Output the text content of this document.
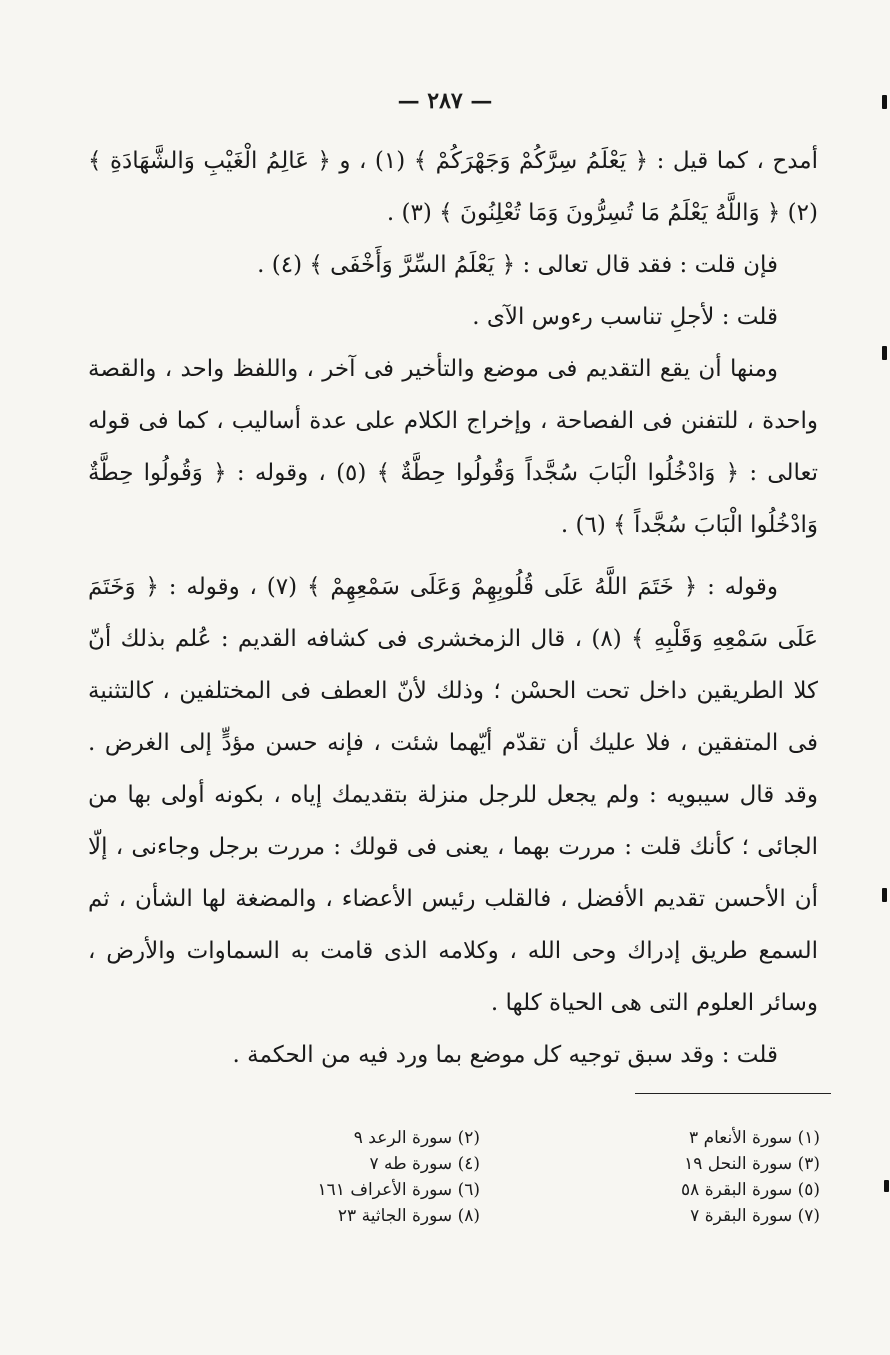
— ٢٨٧ —

أمدح ، كما قيل : ﴿ يَعْلَمُ سِرَّكُمْ وَجَهْرَكُمْ ﴾ (١) ، و ﴿ عَالِمُ الْغَيْبِ وَالشَّهَادَةِ ﴾ (٢) ﴿ وَاللَّهُ يَعْلَمُ مَا تُسِرُّونَ وَمَا تُعْلِنُونَ ﴾ (٣) .

فإن قلت : فقد قال تعالى : ﴿ يَعْلَمُ السِّرَّ وَأَخْفَى ﴾ (٤) .

قلت : لأجلِ تناسب رءوس الآى .

ومنها أن يقع التقديم فى موضع والتأخير فى آخر ، واللفظ واحد ، والقصة واحدة ، للتفنن فى الفصاحة ، وإخراج الكلام على عدة أساليب ، كما فى قوله تعالى : ﴿ وَادْخُلُوا الْبَابَ سُجَّداً وَقُولُوا حِطَّةٌ ﴾ (٥) ، وقوله : ﴿ وَقُولُوا حِطَّةٌ وَادْخُلُوا الْبَابَ سُجَّداً ﴾ (٦) .

وقوله : ﴿ خَتَمَ اللَّهُ عَلَى قُلُوبِهِمْ وَعَلَى سَمْعِهِمْ ﴾ (٧) ، وقوله : ﴿ وَخَتَمَ عَلَى سَمْعِهِ وَقَلْبِهِ ﴾ (٨) ، قال الزمخشرى فى كشافه القديم : عُلم بذلك أنّ كلا الطريقين داخل تحت الحسْن ؛ وذلك لأنّ العطف فى المختلفين ، كالتثنية فى المتفقين ، فلا عليك أن تقدّم أيّهما شئت ، فإنه حسن مؤدٍّ إلى الغرض . وقد قال سيبويه : ولم يجعل للرجل منزلة بتقديمك إياه ، بكونه أولى بها من الجائى ؛ كأنك قلت : مررت بهما ، يعنى فى قولك : مررت برجل وجاءنى ، إلّا أن الأحسن تقديم الأفضل ، فالقلب رئيس الأعضاء ، والمضغة لها الشأن ، ثم السمع طريق إدراك وحى الله ، وكلامه الذى قامت به السماوات والأرض ، وسائر العلوم التى هى الحياة كلها .

قلت : وقد سبق توجيه كل موضع بما ورد فيه من الحكمة .

(١) سورة الأنعام ٣
(٢) سورة الرعد ٩
(٣) سورة النحل ١٩
(٤) سورة طه ٧
(٥) سورة البقرة ٥٨
(٦) سورة الأعراف ١٦١
(٧) سورة البقرة ٧
(٨) سورة الجاثية ٢٣
